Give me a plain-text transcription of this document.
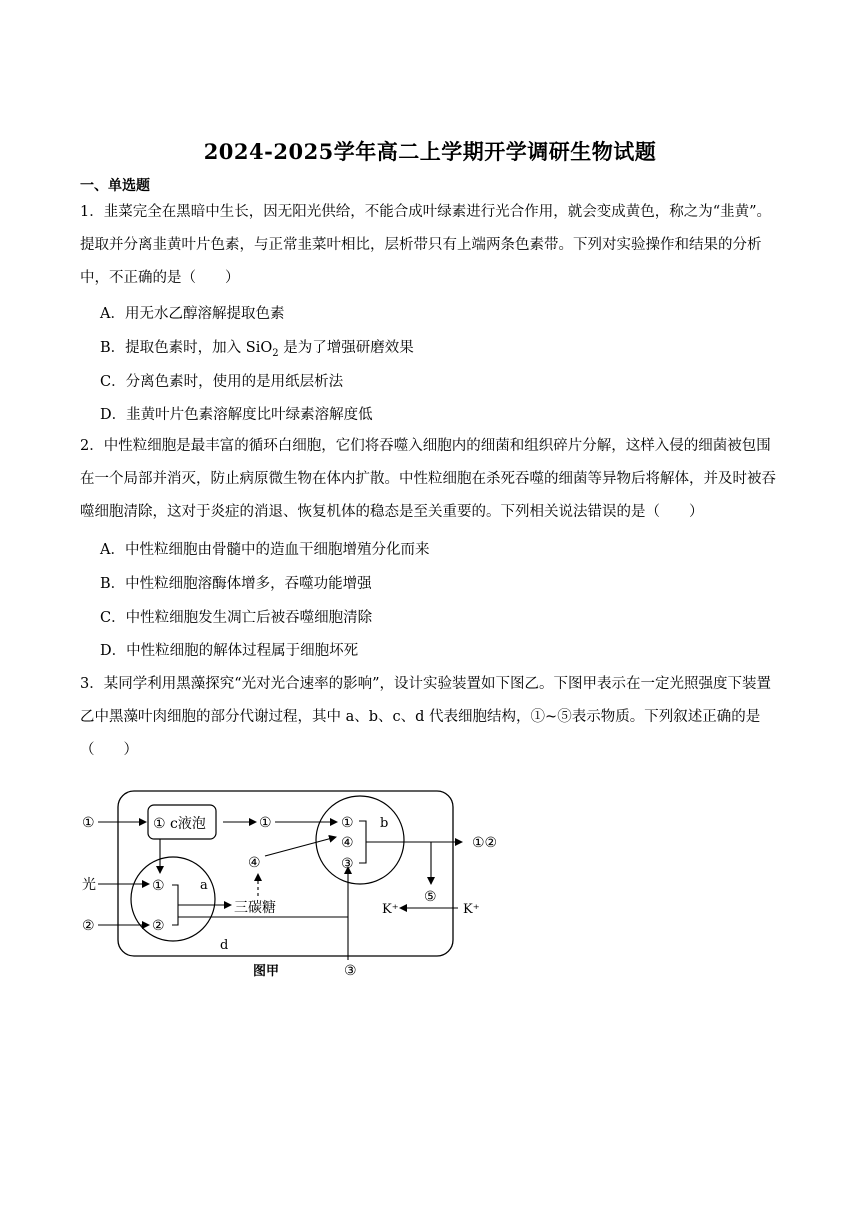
2024-2025学年高二上学期开学调研生物试题
一、单选题
1．韭菜完全在黑暗中生长，因无阳光供给，不能合成叶绿素进行光合作用，就会变成黄色，称之为“韭黄”。提取并分离韭黄叶片色素，与正常韭菜叶相比，层析带只有上端两条色素带。下列对实验操作和结果的分析中，不正确的是（　　）
A．用无水乙醇溶解提取色素
B．提取色素时，加入 SiO$_2$ 是为了增强研磨效果
C．分离色素时，使用的是用纸层析法
D．韭黄叶片色素溶解度比叶绿素溶解度低
2．中性粒细胞是最丰富的循环白细胞，它们将吞噬入细胞内的细菌和组织碎片分解，这样入侵的细菌被包围在一个局部并消灭，防止病原微生物在体内扩散。中性粒细胞在杀死吞噬的细菌等异物后将解体，并及时被吞噬细胞清除，这对于炎症的消退、恢复机体的稳态是至关重要的。下列相关说法错误的是（　　）
A．中性粒细胞由骨髓中的造血干细胞增殖分化而来
B．中性粒细胞溶酶体增多，吞噬功能增强
C．中性粒细胞发生凋亡后被吞噬细胞清除
D．中性粒细胞的解体过程属于细胞坏死
3．某同学利用黑藻探究“光对光合速率的影响”，设计实验装置如下图乙。下图甲表示在一定光照强度下装置乙中黑藻叶肉细胞的部分代谢过程，其中 a、b、c、d 代表细胞结构，①~⑤表示物质。下列叙述正确的是（　　）
① c液泡
①
②
a
①
④
③
b
①
光
②
①
④
三碳糖
d
⑤
K⁺	K⁺
①②
③
图甲
